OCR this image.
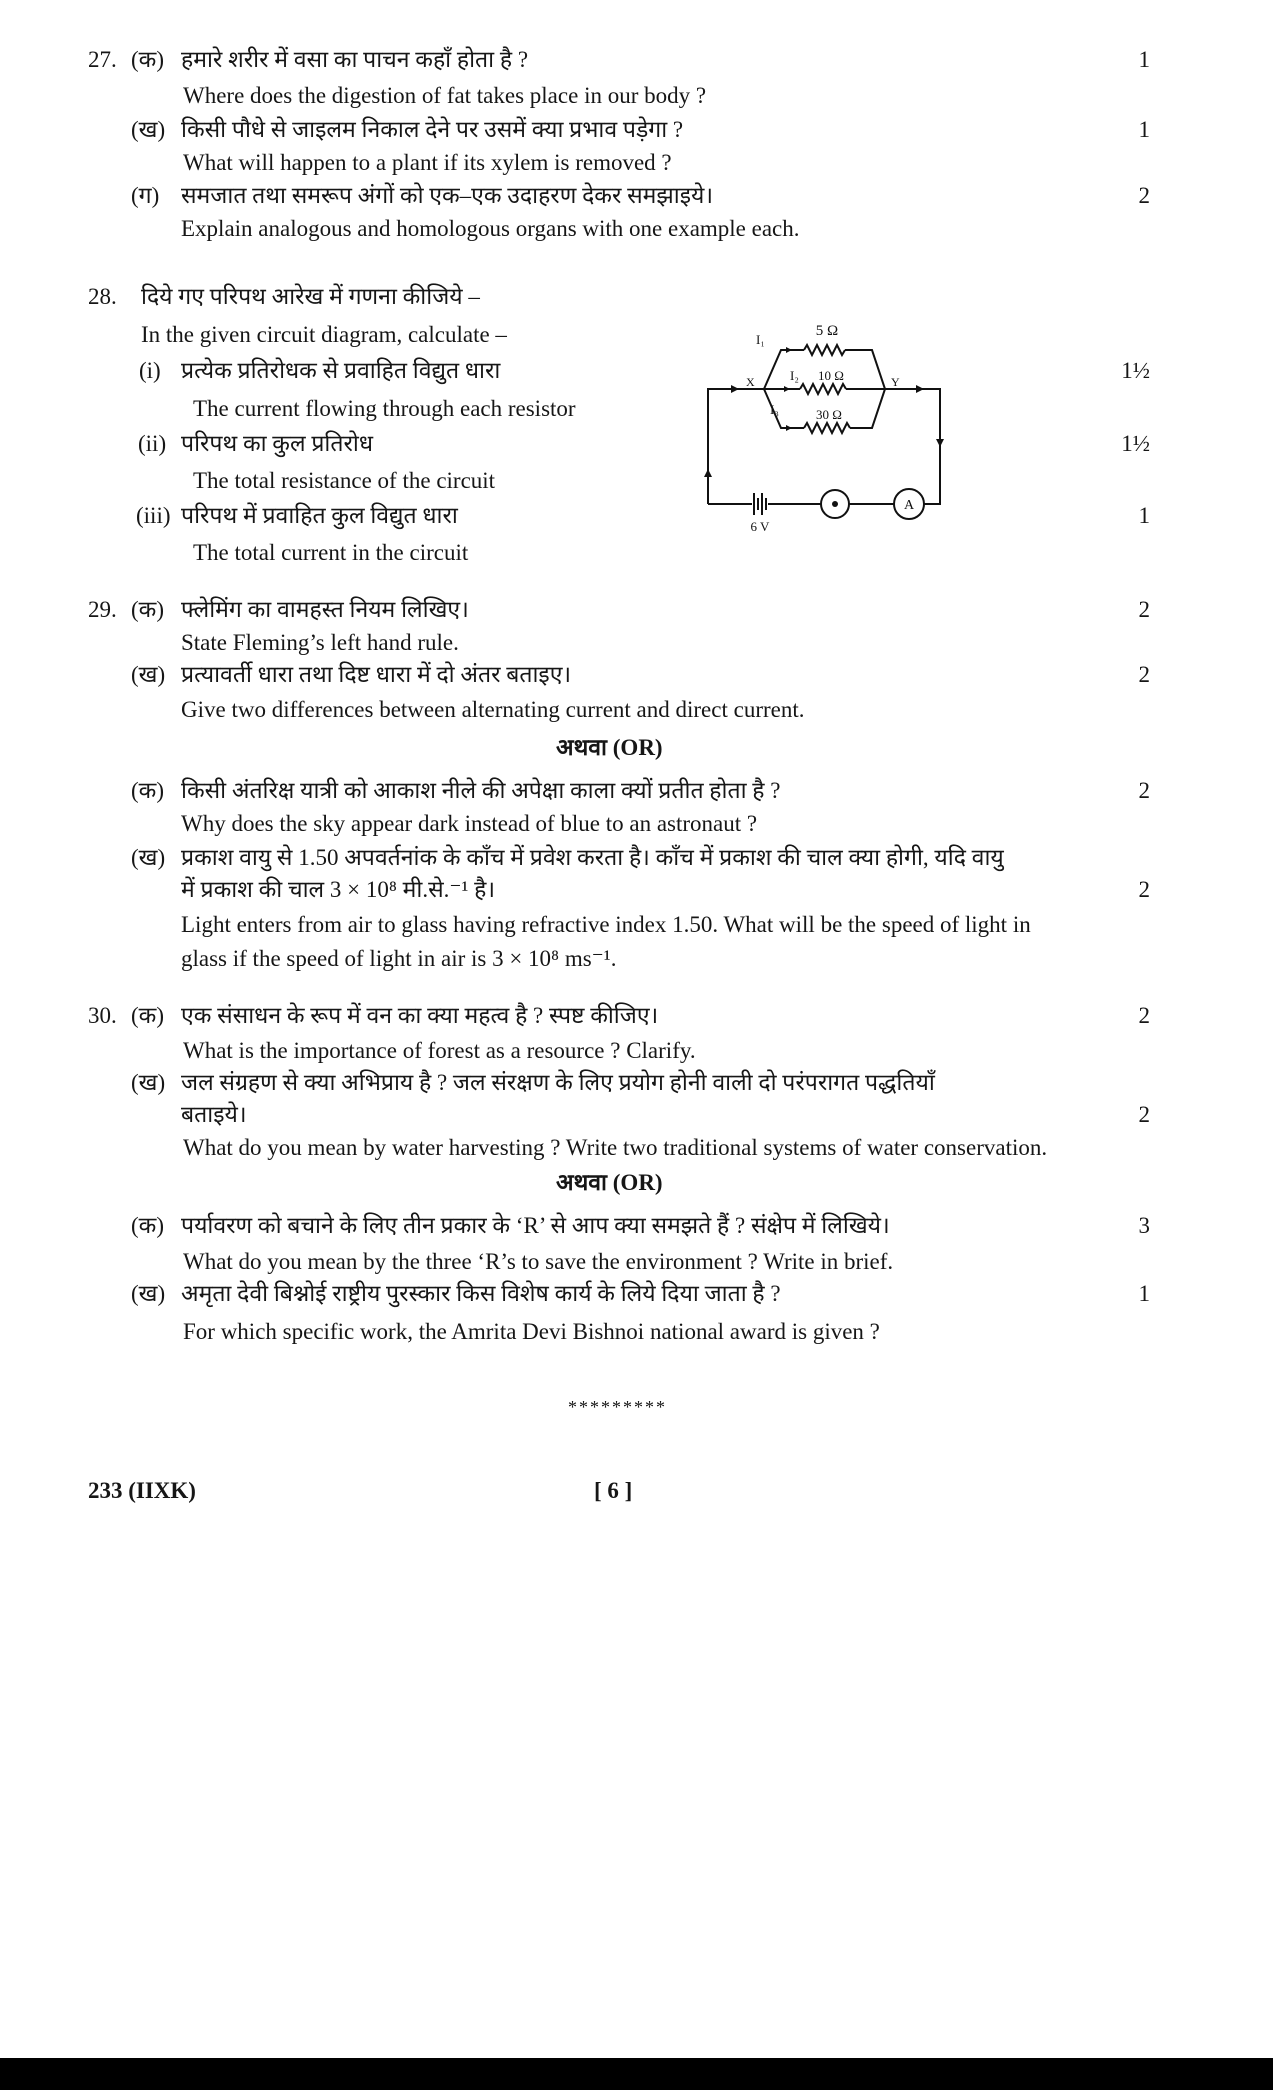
27. (क) हमारे शरीर में वसा का पाचन कहाँ होता है ?	1
Where does the digestion of fat takes place in our body ?
(ख) किसी पौधे से जाइलम निकाल देने पर उसमें क्या प्रभाव पड़ेगा ?	1
What will happen to a plant if its xylem is removed ?
(ग) समजात तथा समरूप अंगों को एक–एक उदाहरण देकर समझाइये।	2
Explain analogous and homologous organs with one example each.
28. दिये गए परिपथ आरेख में गणना कीजिये –
In the given circuit diagram, calculate –
(i) प्रत्येक प्रतिरोधक से प्रवाहित विद्युत धारा	1½
The current flowing through each resistor
(ii) परिपथ का कुल प्रतिरोध	1½
The total resistance of the circuit
(iii) परिपथ में प्रवाहित कुल विद्युत धारा	1
The total current in the circuit
5 Ω
10 Ω
30 Ω
I₁
I₂
I₃
X	Y
6 V
A
29. (क) फ्लेमिंग का वामहस्त नियम लिखिए।	2
State Fleming’s left hand rule.
(ख) प्रत्यावर्ती धारा तथा दिष्ट धारा में दो अंतर बताइए।	2
Give two differences between alternating current and direct current.
अथवा (OR)
(क) किसी अंतरिक्ष यात्री को आकाश नीले की अपेक्षा काला क्यों प्रतीत होता है ?	2
Why does the sky appear dark instead of blue to an astronaut ?
(ख) प्रकाश वायु से 1.50 अपवर्तनांक के काँच में प्रवेश करता है। काँच में प्रकाश की चाल क्या होगी, यदि वायु
में प्रकाश की चाल 3 × 10⁸ मी.से.⁻¹ है।	2
Light enters from air to glass having refractive index 1.50. What will be the speed of light in
glass if the speed of light in air is 3 × 10⁸ ms⁻¹.
30. (क) एक संसाधन के रूप में वन का क्या महत्व है ? स्पष्ट कीजिए।	2
What is the importance of forest as a resource ? Clarify.
(ख) जल संग्रहण से क्या अभिप्राय है ? जल संरक्षण के लिए प्रयोग होनी वाली दो परंपरागत पद्धतियाँ
बताइये।	2
What do you mean by water harvesting ? Write two traditional systems of water conservation.
अथवा (OR)
(क) पर्यावरण को बचाने के लिए तीन प्रकार के ‘R’ से आप क्या समझते हैं ? संक्षेप में लिखिये।	3
What do you mean by the three ‘R’s to save the environment ? Write in brief.
(ख) अमृता देवी बिश्नोई राष्ट्रीय पुरस्कार किस विशेष कार्य के लिये दिया जाता है ?	1
For which specific work, the Amrita Devi Bishnoi national award is given ?
*********
233 (IIXK)	[ 6 ]
